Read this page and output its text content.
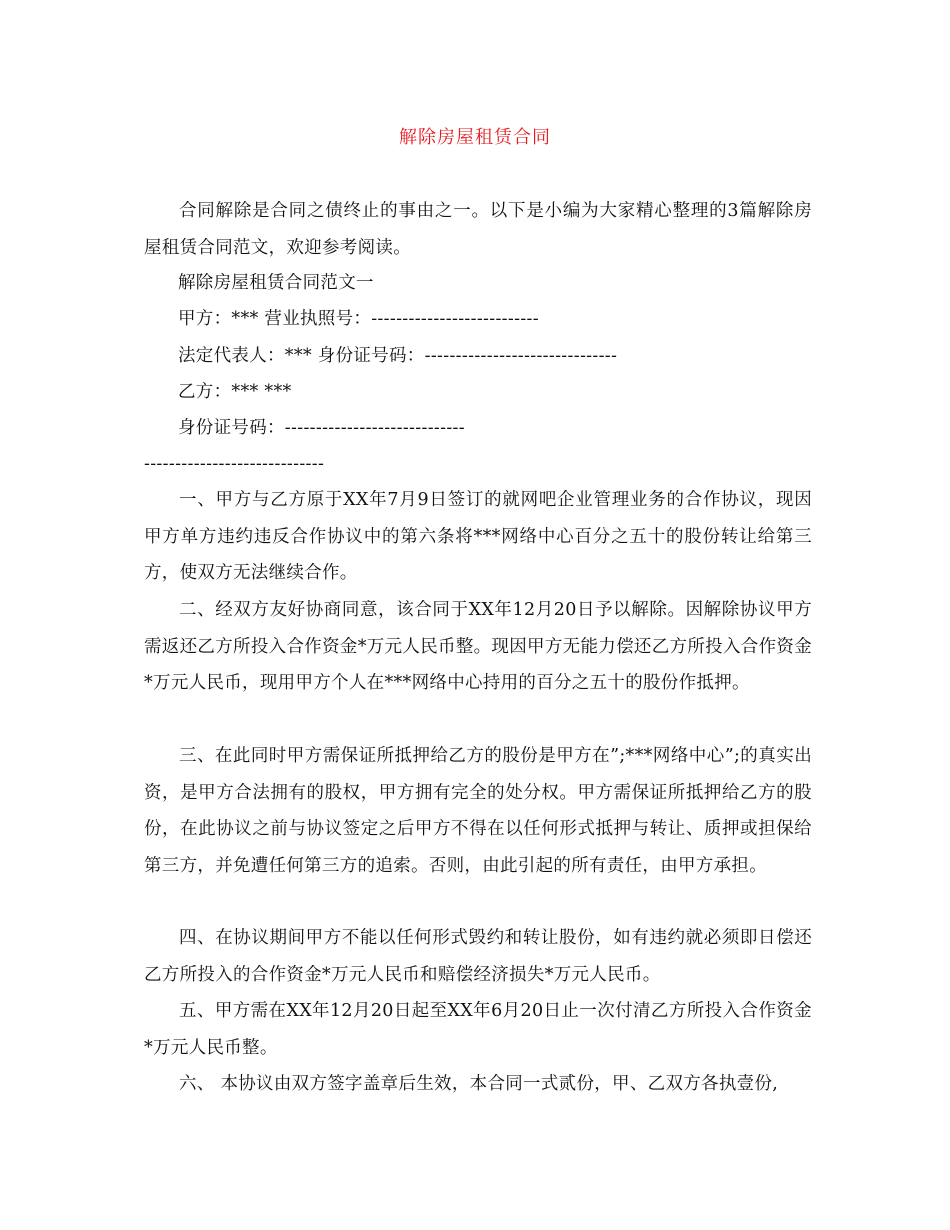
解除房屋租赁合同
合同解除是合同之债终止的事由之一。以下是小编为大家精心整理的3篇解除房屋租赁合同范文，欢迎参考阅读。
解除房屋租赁合同范文一
甲方：*** 营业执照号：---------------------------
法定代表人：*** 身份证号码：-------------------------------
乙方：*** ***
身份证号码：-----------------------------
-----------------------------
一、甲方与乙方原于XX年7月9日签订的就网吧企业管理业务的合作协议，现因甲方单方违约违反合作协议中的第六条将***网络中心百分之五十的股份转让给第三方，使双方无法继续合作。
二、经双方友好协商同意，该合同于XX年12月20日予以解除。因解除协议甲方需返还乙方所投入合作资金*万元人民币整。现因甲方无能力偿还乙方所投入合作资金*万元人民币，现用甲方个人在***网络中心持用的百分之五十的股份作抵押。
三、在此同时甲方需保证所抵押给乙方的股份是甲方在”;***网络中心”;的真实出资，是甲方合法拥有的股权，甲方拥有完全的处分权。甲方需保证所抵押给乙方的股份，在此协议之前与协议签定之后甲方不得在以任何形式抵押与转让、质押或担保给第三方，并免遭任何第三方的追索。否则，由此引起的所有责任，由甲方承担。
四、在协议期间甲方不能以任何形式毁约和转让股份，如有违约就必须即日偿还乙方所投入的合作资金*万元人民币和赔偿经济损失*万元人民币。
五、甲方需在XX年12月20日起至XX年6月20日止一次付清乙方所投入合作资金*万元人民币整。
六、 本协议由双方签字盖章后生效，本合同一式贰份，甲、乙双方各执壹份,
